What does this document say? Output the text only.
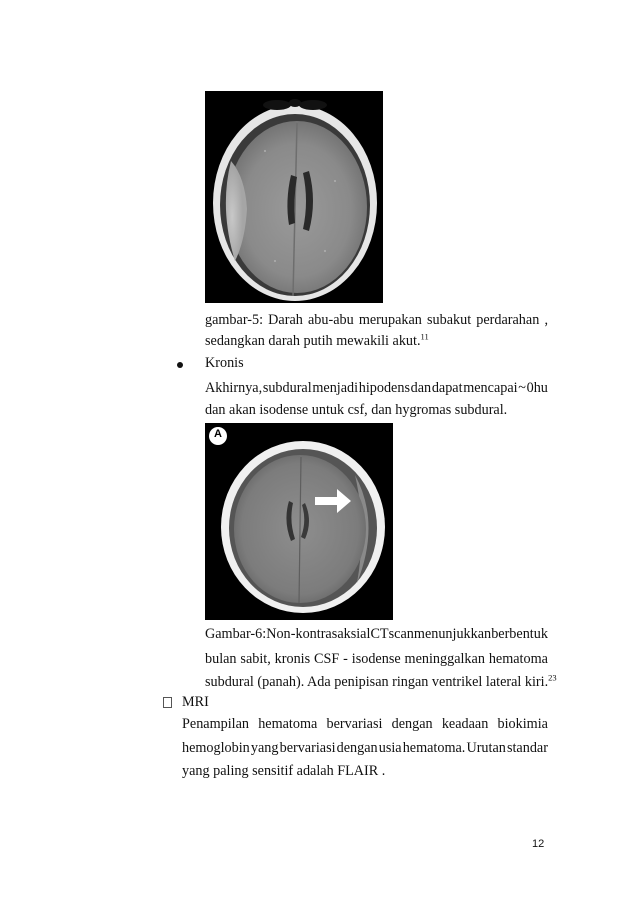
gambar-5: Darah abu-abu merupakan subakut perdarahan ,
sedangkan darah putih mewakili akut.$^{11}$
Kronis
Akhirnya, subdural menjadi hipodens dan dapat mencapai ~ 0hu
dan akan isodense untuk csf, dan hygromas subdural.
A
Gambar-6: Non - kontras aksial CT scan menunjukkan berbentuk
bulan sabit, kronis CSF - isodense meninggalkan hematoma
subdural (panah). Ada penipisan ringan ventrikel lateral kiri.$^{23}$
MRI
Penampilan hematoma bervariasi dengan keadaan biokimia
hemoglobin yang bervariasi dengan usia hematoma. Urutan standar
yang paling sensitif adalah FLAIR .
12
